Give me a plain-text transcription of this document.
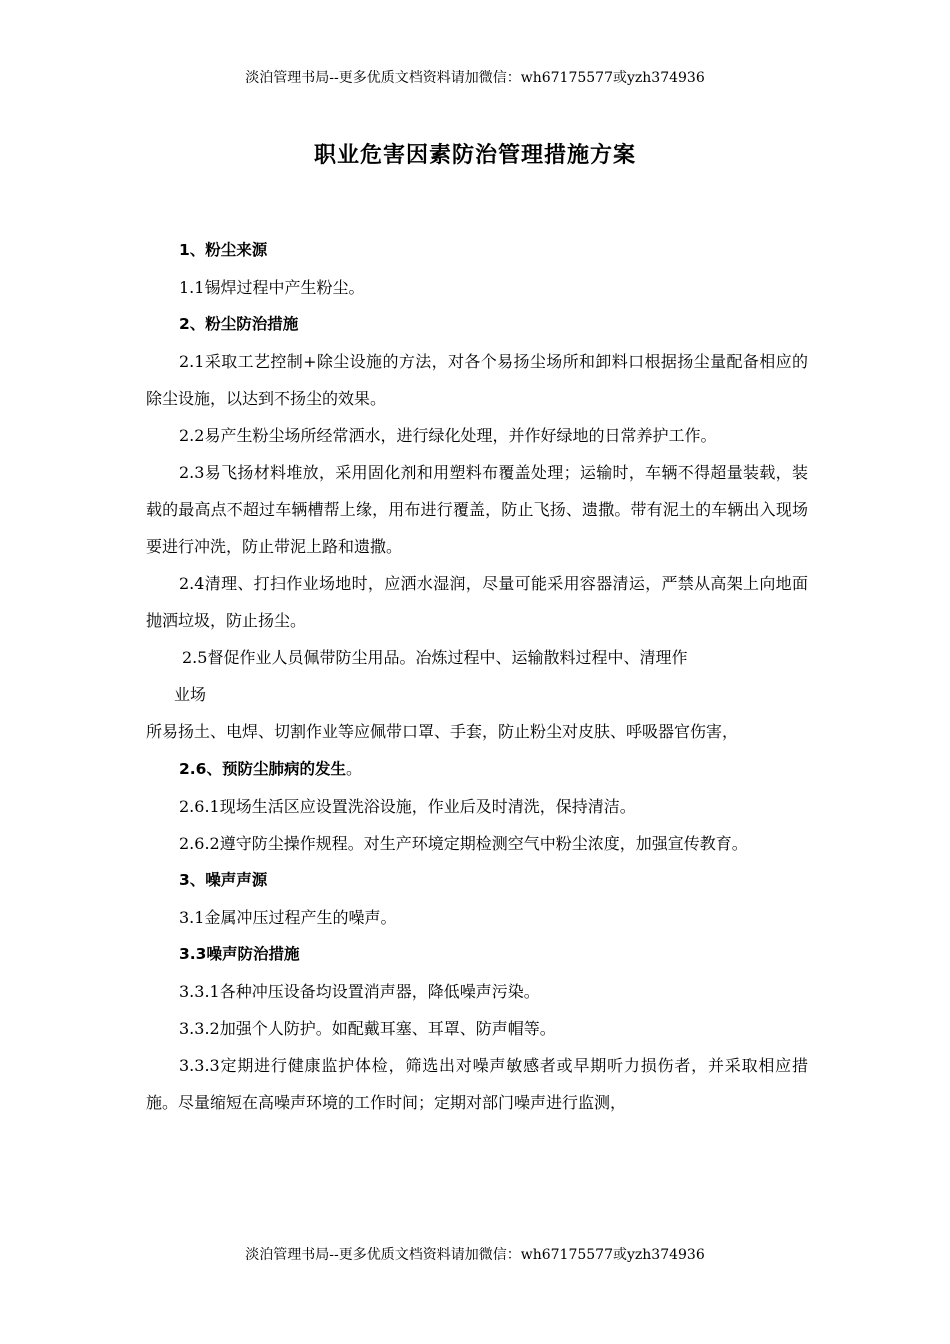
淡泊管理书局--更多优质文档资料请加微信：wh67175577或yzh374936
职业危害因素防治管理措施方案

1、粉尘来源

1.1锡焊过程中产生粉尘。

2、粉尘防治措施

2.1采取工艺控制+除尘设施的方法，对各个易扬尘场所和卸料口根据扬尘量配备相应的除尘设施，以达到不扬尘的效果。

2.2易产生粉尘场所经常洒水，进行绿化处理，并作好绿地的日常养护工作。

2.3易飞扬材料堆放，采用固化剂和用塑料布覆盖处理；运输时，车辆不得超量装载，装载的最高点不超过车辆槽帮上缘，用布进行覆盖，防止飞扬、遗撒。带有泥土的车辆出入现场要进行冲洗，防止带泥上路和遗撒。

2.4清理、打扫作业场地时，应洒水湿润，尽量可能采用容器清运，严禁从高架上向地面抛洒垃圾，防止扬尘。

2.5督促作业人员佩带防尘用品。冶炼过程中、运输散料过程中、清理作

业场

所易扬土、电焊、切割作业等应佩带口罩、手套，防止粉尘对皮肤、呼吸器官伤害，

2.6、预防尘肺病的发生。

2.6.1现场生活区应设置洗浴设施，作业后及时清洗，保持清洁。

2.6.2遵守防尘操作规程。对生产环境定期检测空气中粉尘浓度，加强宣传教育。

3、噪声声源

3.1金属冲压过程产生的噪声。

3.3噪声防治措施

3.3.1各种冲压设备均设置消声器，降低噪声污染。

3.3.2加强个人防护。如配戴耳塞、耳罩、防声帽等。

3.3.3定期进行健康监护体检，筛选出对噪声敏感者或早期听力损伤者，并采取相应措施。尽量缩短在高噪声环境的工作时间；定期对部门噪声进行监测，

淡泊管理书局--更多优质文档资料请加微信：wh67175577或yzh374936
